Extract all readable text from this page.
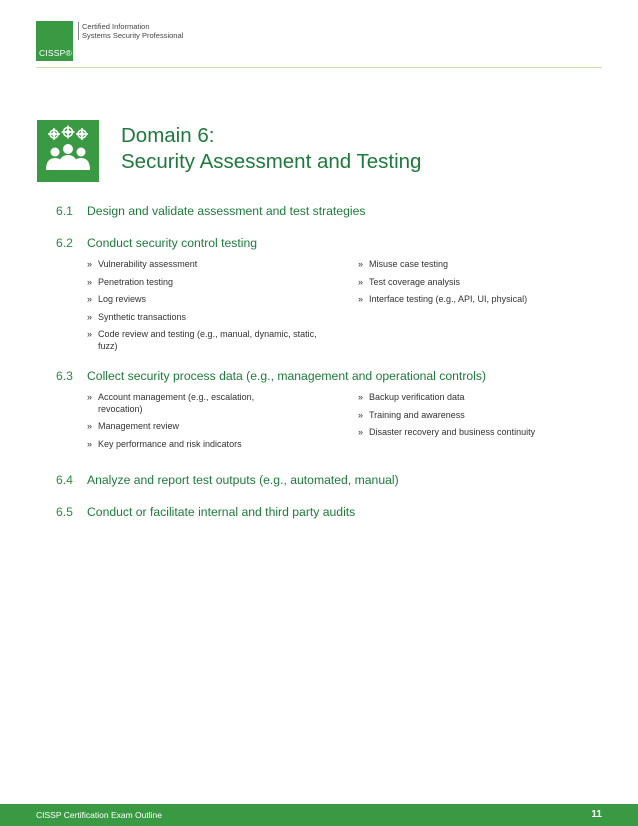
CISSP®
Certified Information
Systems Security Professional
Domain 6:
Security Assessment and Testing
6.1 Design and validate assessment and test strategies
6.2 Conduct security control testing
» Vulnerability assessment
» Penetration testing
» Log reviews
» Synthetic transactions
» Code review and testing (e.g., manual, dynamic, static, fuzz)
» Misuse case testing
» Test coverage analysis
» Interface testing (e.g., API, UI, physical)
6.3 Collect security process data (e.g., management and operational controls)
» Account management (e.g., escalation, revocation)
» Management review
» Key performance and risk indicators
» Backup verification data
» Training and awareness
» Disaster recovery and business continuity
6.4 Analyze and report test outputs (e.g., automated, manual)
6.5 Conduct or facilitate internal and third party audits
CISSP Certification Exam Outline	11
